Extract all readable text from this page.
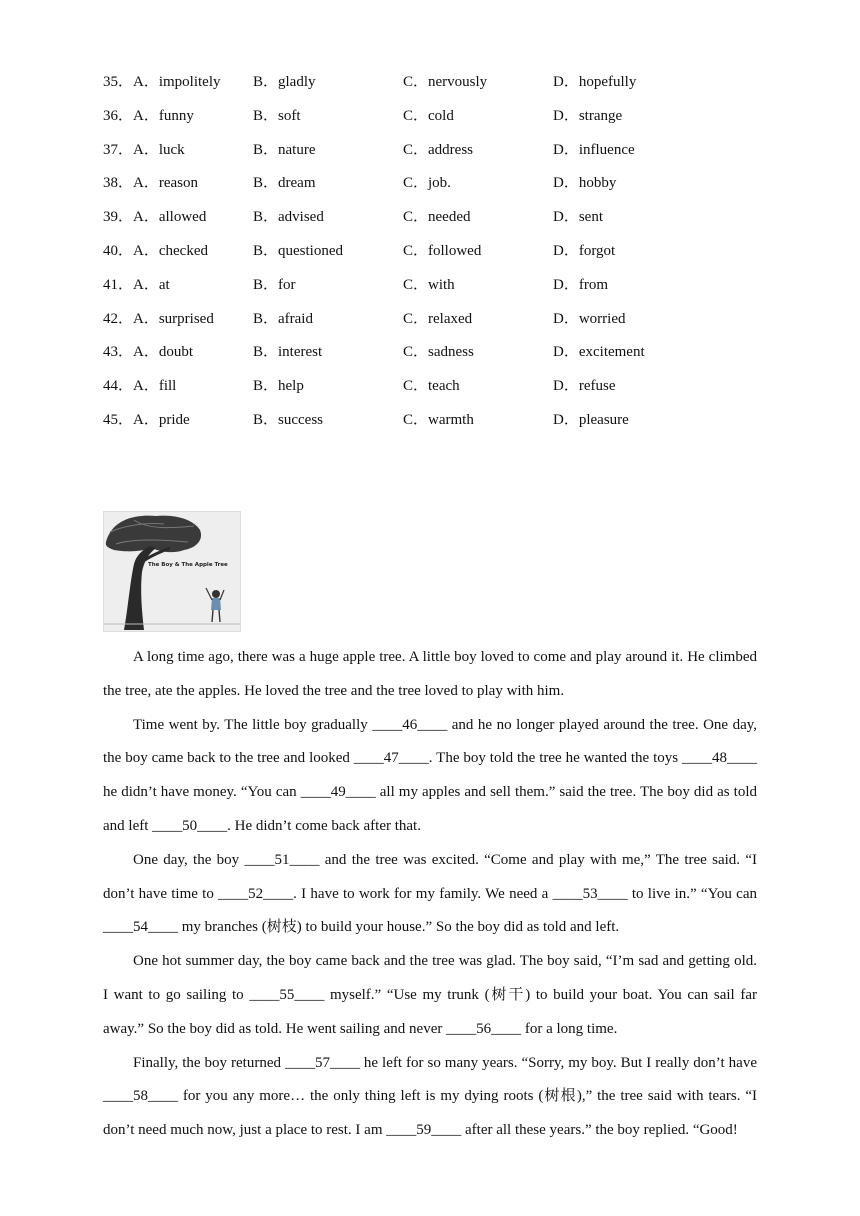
35．A．impolitely B．gladly	C．nervously	D．hopefully
36．A．funny	B．soft	C．cold	D．strange
37．A．luck	B．nature	C．address	D．influence
38．A．reason	B．dream	C．job.	D．hobby
39．A．allowed	B．advised	C．needed	D．sent
40．A．checked	B．questioned	C．followed	D．forgot
41．A．at	B．for	C．with	D．from
42．A．surprised	B．afraid	C．relaxed	D．worried
43．A．doubt	B．interest	C．sadness	D．excitement
44．A．fill	B．help	C．teach	D．refuse
45．A．pride	B．success	C．warmth	D．pleasure
The Boy & The Apple Tree

A long time ago, there was a huge apple tree. A little boy loved to come and play around it. He climbed the tree, ate the apples. He loved the tree and the tree loved to play with him.

Time went by. The little boy gradually ____46____ and he no longer played around the tree. One day, the boy came back to the tree and looked ____47____. The boy told the tree he wanted the toys ____48____ he didn’t have money. “You can ____49____ all my apples and sell them.” said the tree. The boy did as told and left ____50____. He didn’t come back after that.

One day, the boy ____51____ and the tree was excited. “Come and play with me,” The tree said. “I don’t have time to ____52____. I have to work for my family. We need a ____53____ to live in.” “You can ____54____ my branches (树枝) to build your house.” So the boy did as told and left.

One hot summer day, the boy came back and the tree was glad. The boy said, “I’m sad and getting old. I want to go sailing to ____55____ myself.” “Use my trunk (树干) to build your boat. You can sail far away.” So the boy did as told. He went sailing and never ____56____ for a long time.

Finally, the boy returned ____57____ he left for so many years. “Sorry, my boy. But I really don’t have ____58____ for you any more… the only thing left is my dying roots (树根),” the tree said with tears. “I don’t need much now, just a place to rest. I am ____59____ after all these years.” the boy replied. “Good!
